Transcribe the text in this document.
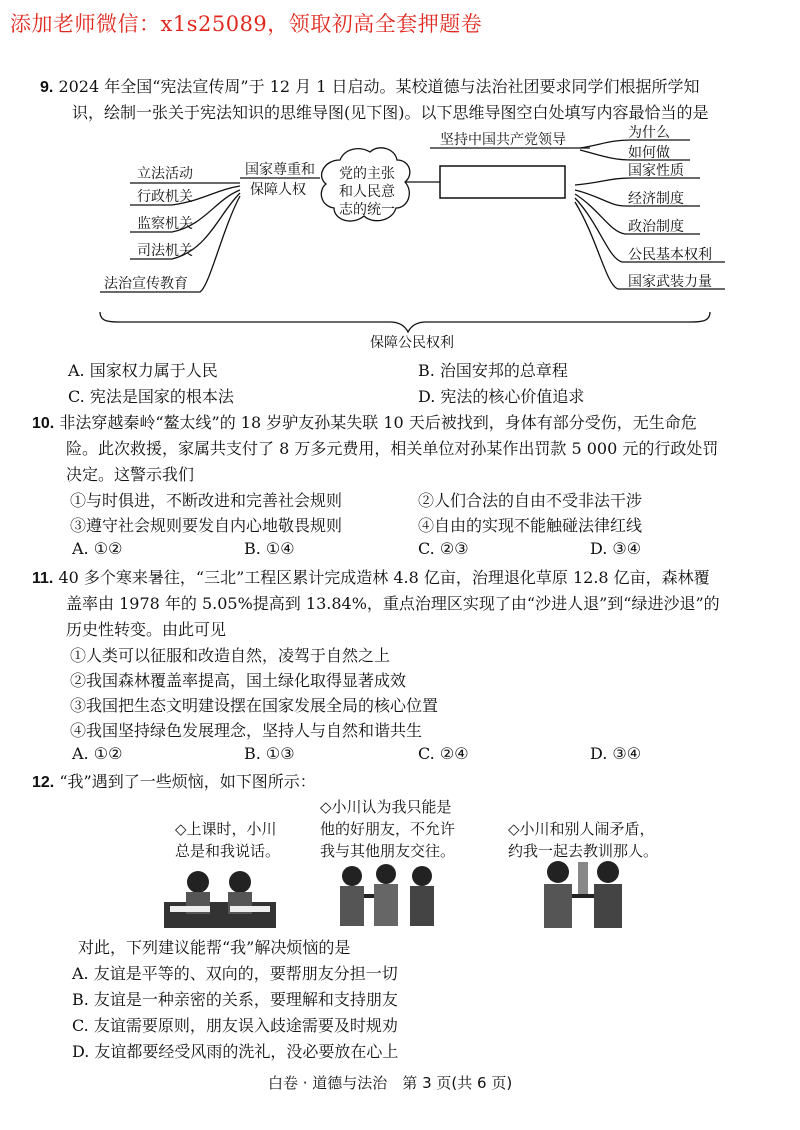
添加老师微信：x1s25089，领取初高全套押题卷
9. 2024 年全国“宪法宣传周”于 12 月 1 日启动。某校道德与法治社团要求同学们根据所学知
识，绘制一张关于宪法知识的思维导图(见下图)。以下思维导图空白处填写内容最恰当的是
立法活动
行政机关
监察机关
司法机关
法治宣传教育
国家尊重和
保障人权
党的主张
和人民意
志的统一
坚持中国共产党领导	为什么
如何做
国家性质
经济制度
政治制度
公民基本权利
国家武装力量
保障公民权利
A. 国家权力属于人民	B. 治国安邦的总章程
C. 宪法是国家的根本法	D. 宪法的核心价值追求
10. 非法穿越秦岭“鳌太线”的 18 岁驴友孙某失联 10 天后被找到，身体有部分受伤，无生命危
险。此次救援，家属共支付了 8 万多元费用，相关单位对孙某作出罚款 5 000 元的行政处罚
决定。这警示我们
①与时俱进，不断改进和完善社会规则	②人们合法的自由不受非法干涉
③遵守社会规则要发自内心地敬畏规则	④自由的实现不能触碰法律红线
A. ①②	B. ①④	C. ②③	D. ③④
11. 40 多个寒来暑往，“三北”工程区累计完成造林 4.8 亿亩，治理退化草原 12.8 亿亩，森林覆
盖率由 1978 年的 5.05%提高到 13.84%，重点治理区实现了由“沙进人退”到“绿进沙退”的
历史性转变。由此可见
①人类可以征服和改造自然，凌驾于自然之上
②我国森林覆盖率提高，国土绿化取得显著成效
③我国把生态文明建设摆在国家发展全局的核心位置
④我国坚持绿色发展理念，坚持人与自然和谐共生
A. ①②	B. ①③	C. ②④	D. ③④
12. “我”遇到了一些烦恼，如下图所示：
◇上课时，小川
总是和我说话。
◇小川认为我只能是
他的好朋友，不允许
我与其他朋友交往。
◇小川和别人闹矛盾，
约我一起去教训那人。
对此，下列建议能帮“我”解决烦恼的是
A. 友谊是平等的、双向的，要帮朋友分担一切
B. 友谊是一种亲密的关系，要理解和支持朋友
C. 友谊需要原则，朋友误入歧途需要及时规劝
D. 友谊都要经受风雨的洗礼，没必要放在心上
白卷 · 道德与法治　第 3 页(共 6 页)
